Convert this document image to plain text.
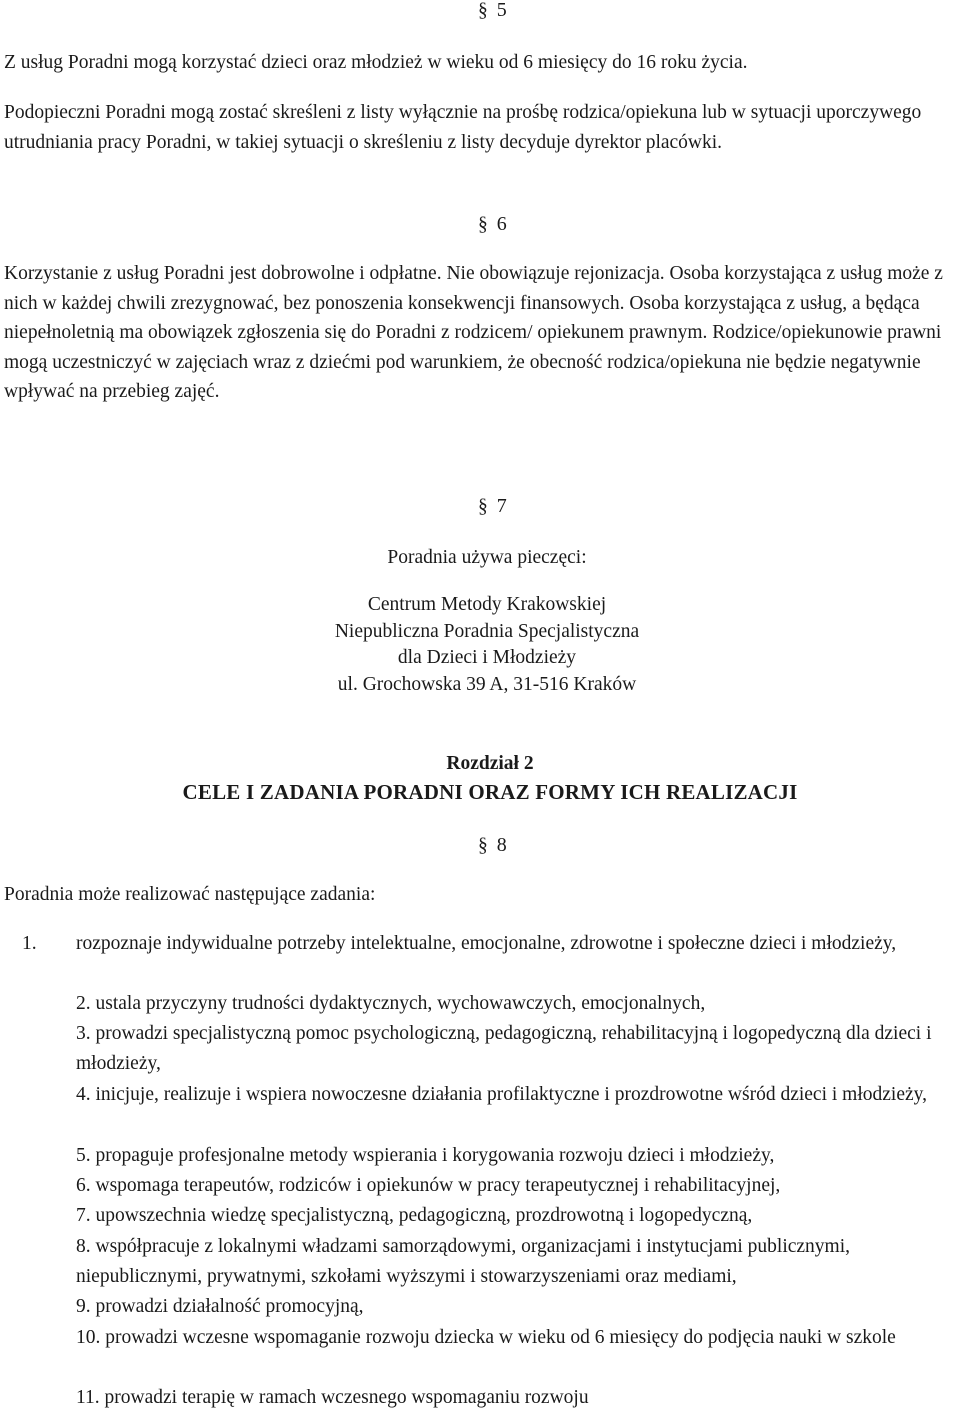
§ 5

Z usług Poradni mogą korzystać dzieci oraz młodzież w wieku od 6 miesięcy do 16 roku życia.

Podopieczni Poradni mogą zostać skreśleni z listy wyłącznie na prośbę rodzica/opiekuna lub w sytuacji uporczywego utrudniania pracy Poradni, w takiej sytuacji o skreśleniu z listy decyduje dyrektor placówki.

§ 6

Korzystanie z usług Poradni jest dobrowolne i odpłatne. Nie obowiązuje rejonizacja. Osoba korzystająca z usług może z nich w każdej chwili zrezygnować, bez ponoszenia konsekwencji finansowych. Osoba korzystająca z usług, a będąca niepełnoletnią ma obowiązek zgłoszenia się do Poradni z rodzicem/ opiekunem prawnym. Rodzice/opiekunowie prawni mogą uczestniczyć w zajęciach wraz z dziećmi pod warunkiem, że obecność rodzica/opiekuna nie będzie negatywnie wpływać na przebieg zajęć.

§ 7
Poradnia używa pieczęci:
Centrum Metody Krakowskiej
Niepubliczna Poradnia Specjalistyczna
dla Dzieci i Młodzieży
ul. Grochowska 39 A, 31-516 Kraków
Rozdział 2
CELE I ZADANIA PORADNI ORAZ FORMY ICH REALIZACJI
§ 8
Poradnia może realizować następujące zadania:
1. rozpoznaje indywidualne potrzeby intelektualne, emocjonalne, zdrowotne i społeczne dzieci i młodzieży,

2. ustala przyczyny trudności dydaktycznych, wychowawczych, emocjonalnych,

3. prowadzi specjalistyczną pomoc psychologiczną, pedagogiczną, rehabilitacyjną i logopedyczną dla dzieci i młodzieży,

4. inicjuje, realizuje i wspiera nowoczesne działania profilaktyczne i prozdrowotne wśród dzieci i młodzieży,

5. propaguje profesjonalne metody wspierania i korygowania rozwoju dzieci i młodzieży,

6. wspomaga terapeutów, rodziców i opiekunów w pracy terapeutycznej i rehabilitacyjnej,

7. upowszechnia wiedzę specjalistyczną, pedagogiczną, prozdrowotną i logopedyczną,

8. współpracuje z lokalnymi władzami samorządowymi, organizacjami i instytucjami publicznymi, niepublicznymi, prywatnymi, szkołami wyższymi i stowarzyszeniami oraz mediami,

9. prowadzi działalność promocyjną,

10. prowadzi wczesne wspomaganie rozwoju dziecka w wieku od 6 miesięcy do podjęcia nauki w szkole

11. prowadzi terapię w ramach wczesnego wspomaganiu rozwoju
